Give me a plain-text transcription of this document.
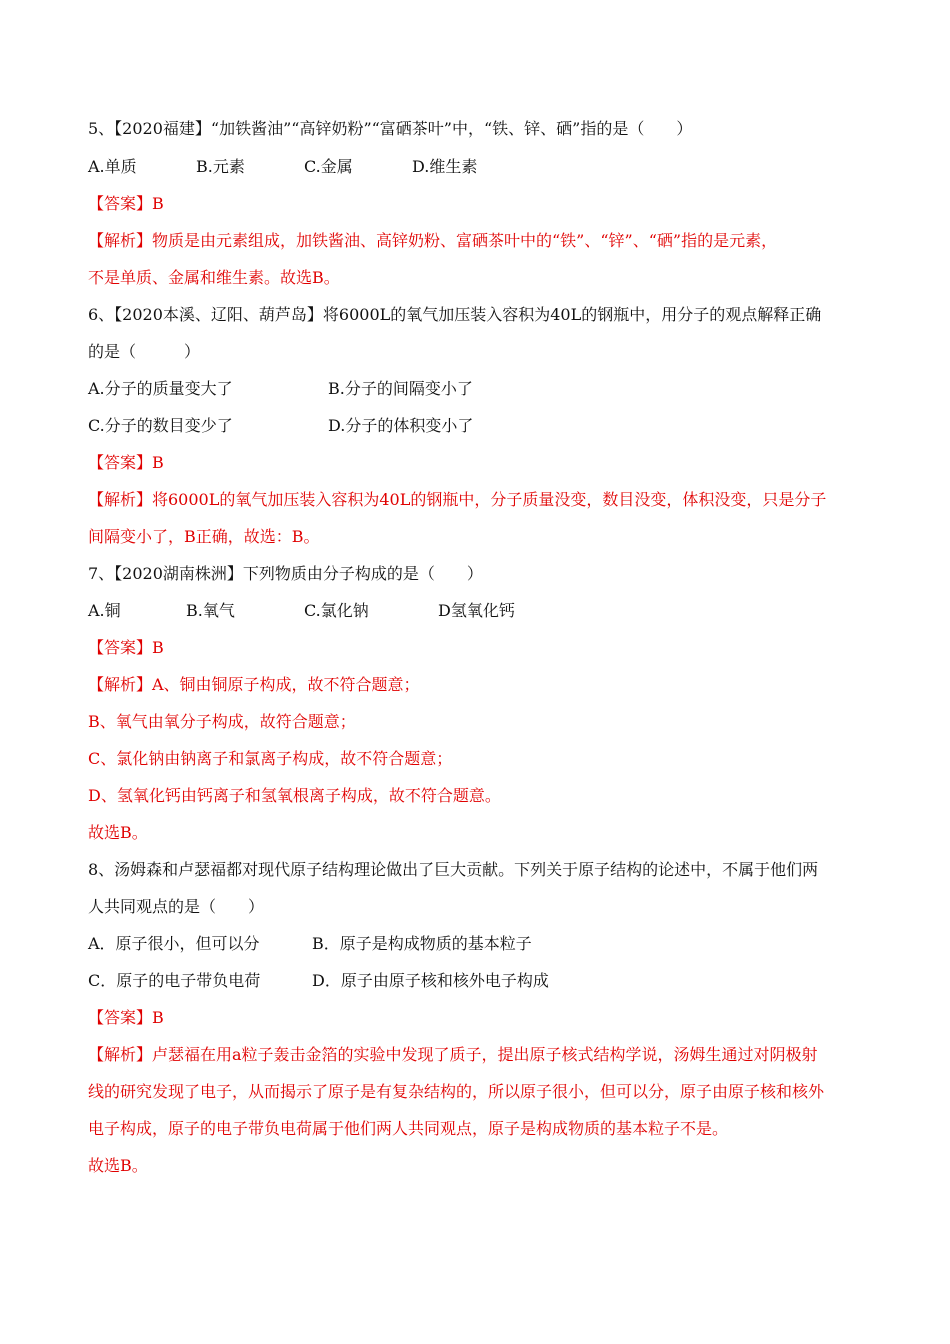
5、【2020福建】“加铁酱油”“高锌奶粉”“富硒茶叶”中，“铁、锌、硒”指的是（　　）
A.单质	B.元素	C.金属	D.维生素
【答案】B
【解析】物质是由元素组成，加铁酱油、高锌奶粉、富硒茶叶中的“铁”、“锌”、“硒”指的是元素，
不是单质、金属和维生素。故选B。
6、【2020本溪、辽阳、葫芦岛】将6000L的氧气加压装入容积为40L的钢瓶中，用分子的观点解释正确
的是（　　　）
A.分子的质量变大了	B.分子的间隔变小了
C.分子的数目变少了	D.分子的体积变小了
【答案】B
【解析】将6000L的氧气加压装入容积为40L的钢瓶中，分子质量没变，数目没变，体积没变，只是分子
间隔变小了，B正确，故选：B。
7、【2020湖南株洲】下列物质由分子构成的是（　　）
A.铜	B.氧气	C.氯化钠	D氢氧化钙
【答案】B
【解析】A、铜由铜原子构成，故不符合题意；
B、氧气由氧分子构成，故符合题意；
C、氯化钠由钠离子和氯离子构成，故不符合题意；
D、氢氧化钙由钙离子和氢氧根离子构成，故不符合题意。
故选B。
8、汤姆森和卢瑟福都对现代原子结构理论做出了巨大贡献。下列关于原子结构的论述中，不属于他们两
人共同观点的是（　　）
A．原子很小，但可以分	B．原子是构成物质的基本粒子
C．原子的电子带负电荷	D．原子由原子核和核外电子构成
【答案】B
【解析】卢瑟福在用a粒子轰击金箔的实验中发现了质子，提出原子核式结构学说，汤姆生通过对阴极射
线的研究发现了电子，从而揭示了原子是有复杂结构的，所以原子很小，但可以分，原子由原子核和核外
电子构成，原子的电子带负电荷属于他们两人共同观点，原子是构成物质的基本粒子不是。
故选B。
